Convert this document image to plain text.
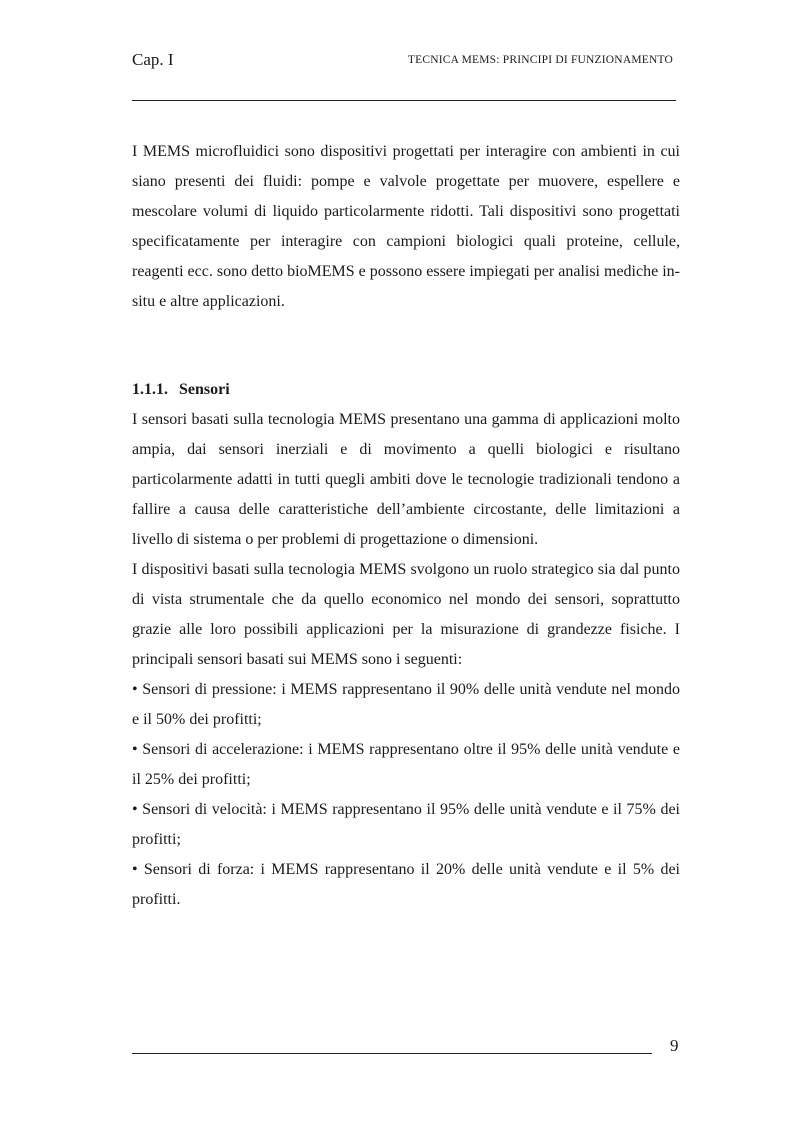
Cap. I	TECNICA MEMS: PRINCIPI DI FUNZIONAMENTO

I MEMS microfluidici sono dispositivi progettati per interagire con ambienti in cui siano presenti dei fluidi: pompe e valvole progettate per muovere, espellere e mescolare volumi di liquido particolarmente ridotti. Tali dispositivi sono progettati specificatamente per interagire con campioni biologici quali proteine, cellule, reagenti ecc. sono detto bioMEMS e possono essere impiegati per analisi mediche in-situ e altre applicazioni.

1.1.1. Sensori

I sensori basati sulla tecnologia MEMS presentano una gamma di applicazioni molto ampia, dai sensori inerziali e di movimento a quelli biologici e risultano particolarmente adatti in tutti quegli ambiti dove le tecnologie tradizionali tendono a fallire a causa delle caratteristiche dell’ambiente circostante, delle limitazioni a livello di sistema o per problemi di progettazione o dimensioni.

I dispositivi basati sulla tecnologia MEMS svolgono un ruolo strategico sia dal punto di vista strumentale che da quello economico nel mondo dei sensori, soprattutto grazie alle loro possibili applicazioni per la misurazione di grandezze fisiche. I principali sensori basati sui MEMS sono i seguenti:

• Sensori di pressione: i MEMS rappresentano il 90% delle unità vendute nel mondo e il 50% dei profitti;

• Sensori di accelerazione: i MEMS rappresentano oltre il 95% delle unità vendute e il 25% dei profitti;

• Sensori di velocità: i MEMS rappresentano il 95% delle unità vendute e il 75% dei profitti;

• Sensori di forza: i MEMS rappresentano il 20% delle unità vendute e il 5% dei profitti.

9
